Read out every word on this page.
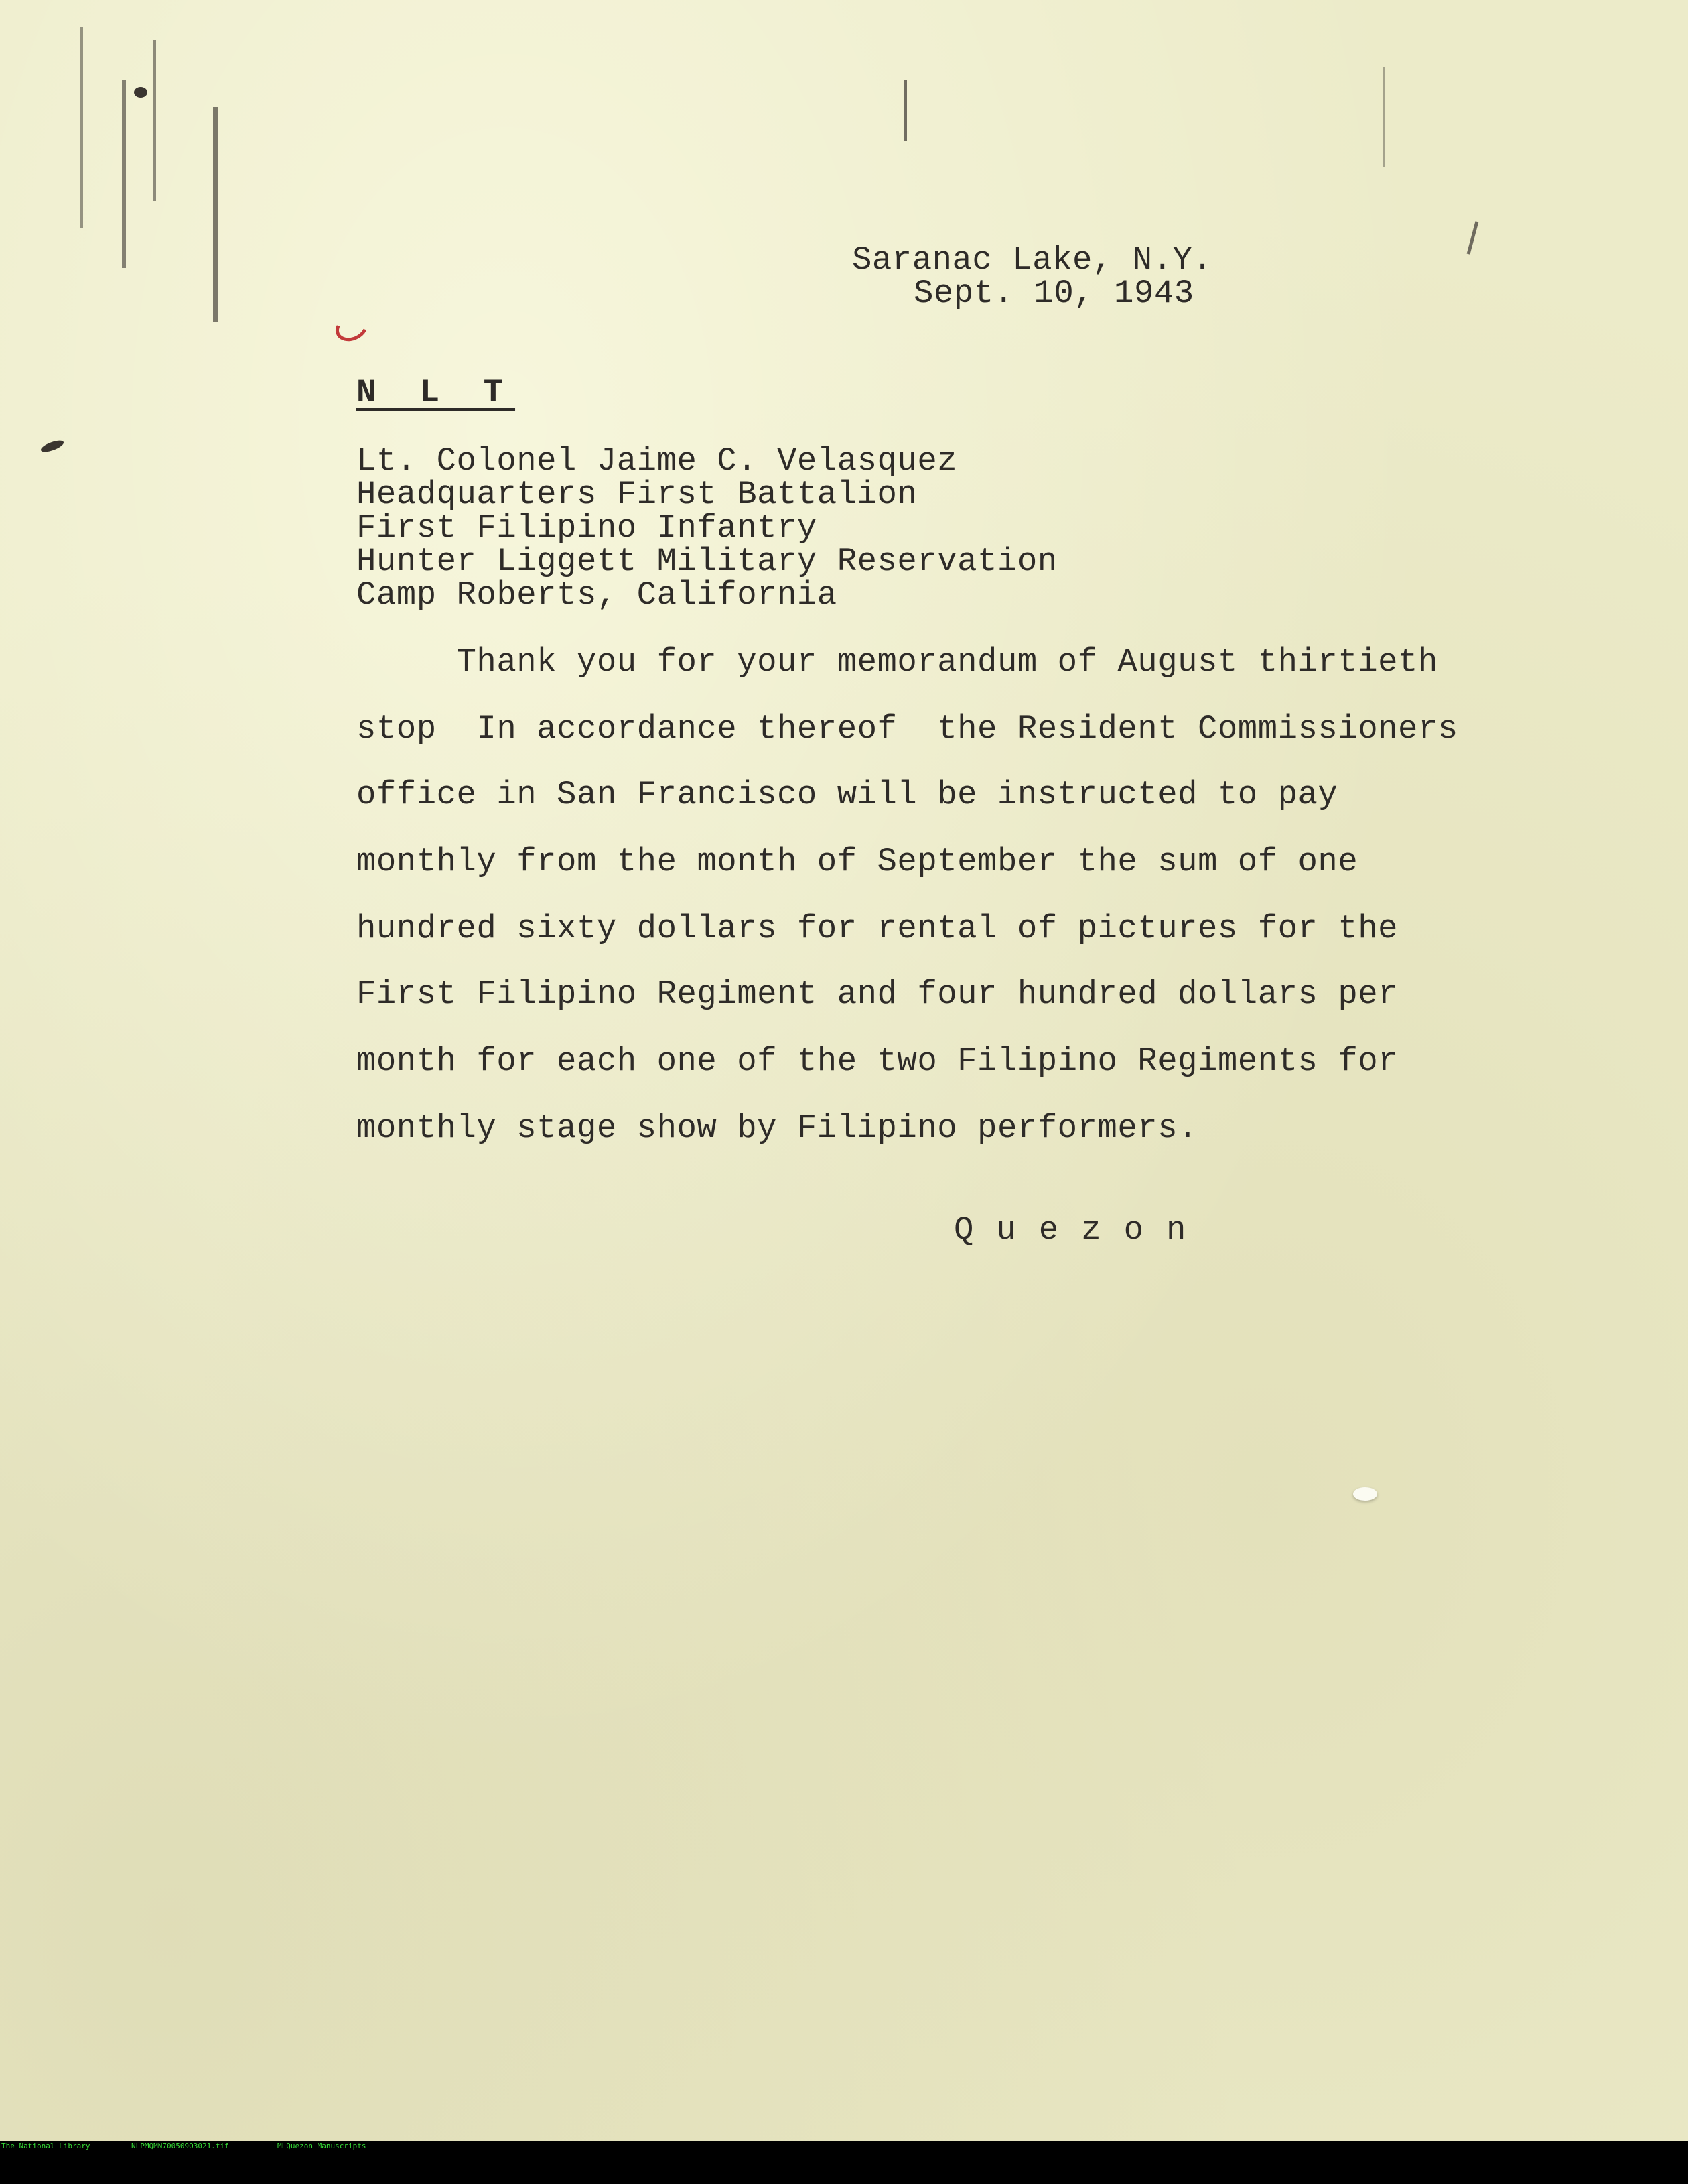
Saranac Lake, N.Y.

Sept. 10, 1943

N L T

Lt. Colonel Jaime C. Velasquez

Headquarters First Battalion

First Filipino Infantry

Hunter Liggett Military Reservation

Camp Roberts, California

Thank you for your memorandum of August thirtieth

stop  In accordance thereof  the Resident Commissioners

office in San Francisco will be instructed to pay

monthly from the month of September the sum of one

hundred sixty dollars for rental of pictures for the

First Filipino Regiment and four hundred dollars per

month for each one of the two Filipino Regiments for

monthly stage show by Filipino performers.

Quezon

The National Library

	NLPMQMN700509O3021.tif

	MLQuezon Manuscripts
